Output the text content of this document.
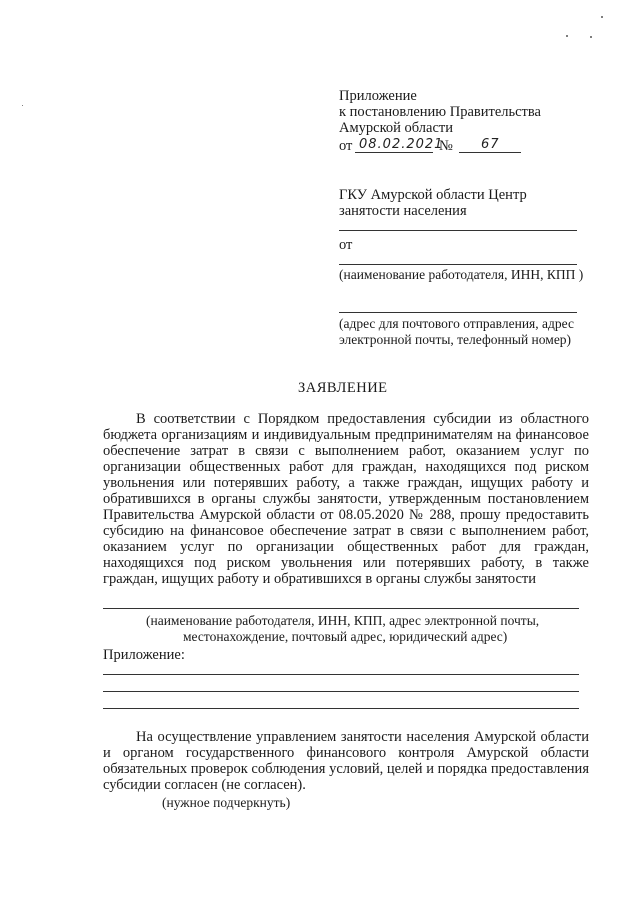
Приложение
к постановлению Правительства
Амурской области
от 08.02.2021
№ 67
ГКУ Амурской области Центр
занятости населения
от
(наименование работодателя, ИНН, КПП )
(адрес для почтового отправления, адрес
электронной почты, телефонный номер)
ЗАЯВЛЕНИЕ
В соответствии с Порядком предоставления субсидии из областного
бюджета организациям и индивидуальным предпринимателям на финансовое
обеспечение затрат в связи с выполнением работ, оказанием услуг по
организации общественных работ для граждан, находящихся под риском
увольнения или потерявших работу, а также граждан, ищущих работу и
обратившихся в органы службы занятости, утвержденным постановлением
Правительства Амурской области от 08.05.2020 № 288, прошу предоставить
субсидию на финансовое обеспечение затрат в связи с выполнением работ,
оказанием услуг по организации общественных работ для граждан,
находящихся под риском увольнения или потерявших работу, в также
граждан, ищущих работу и обратившихся в органы службы занятости
(наименование работодателя, ИНН, КПП, адрес электронной почты,
местонахождение, почтовый адрес, юридический адрес)
Приложение:
На осуществление управлением занятости населения Амурской области
и органом государственного финансового контроля Амурской области
обязательных проверок соблюдения условий, целей и порядка предоставления
субсидии согласен (не согласен).
(нужное подчеркнуть)
